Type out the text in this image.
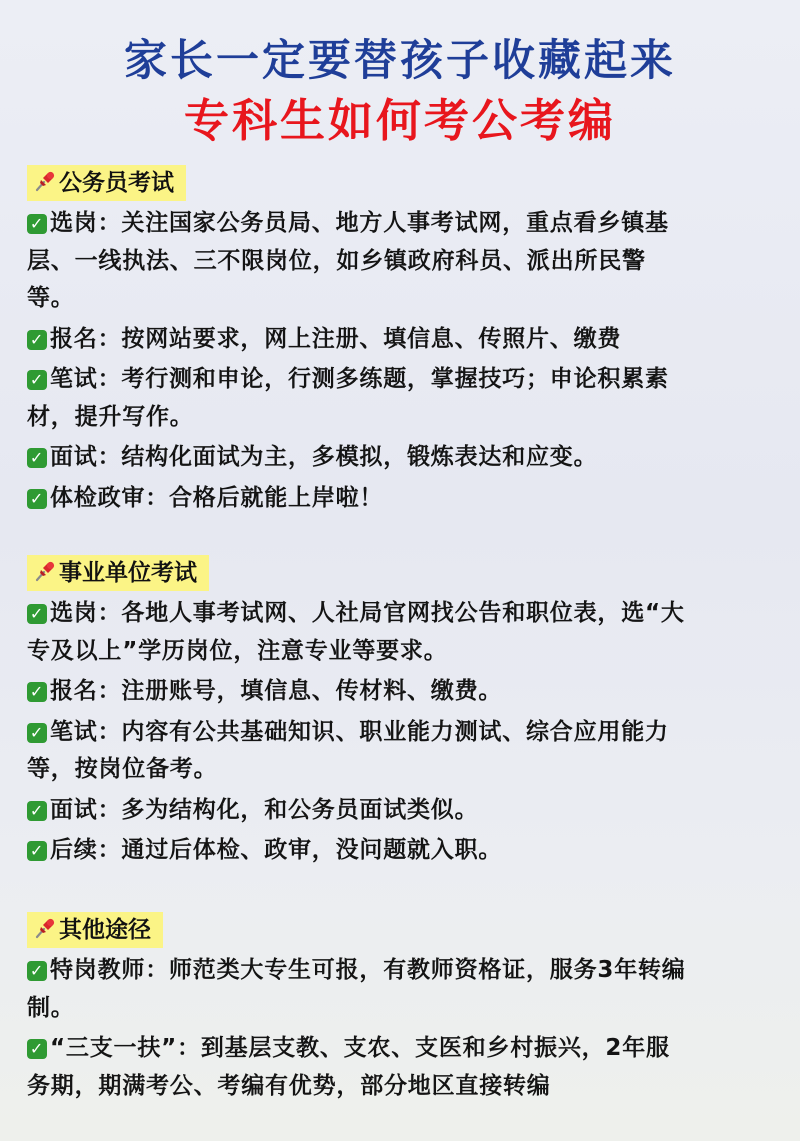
家长一定要替孩子收藏起来
专科生如何考公考编
公务员考试
✓ 选岗：关注国家公务员局、地方人事考试网，重点看乡镇基层、一线执法、三不限岗位，如乡镇政府科员、派出所民警等。
✓ 报名：按网站要求，网上注册、填信息、传照片、缴费
✓ 笔试：考行测和申论，行测多练题，掌握技巧；申论积累素材，提升写作。
✓ 面试：结构化面试为主，多模拟，锻炼表达和应变。
✓ 体检政审：合格后就能上岸啦！
事业单位考试
✓ 选岗：各地人事考试网、人社局官网找公告和职位表，选“大专及以上”学历岗位，注意专业等要求。
✓ 报名：注册账号，填信息、传材料、缴费。
✓ 笔试：内容有公共基础知识、职业能力测试、综合应用能力等，按岗位备考。
✓ 面试：多为结构化，和公务员面试类似。
✓ 后续：通过后体检、政审，没问题就入职。
其他途径
✓ 特岗教师：师范类大专生可报，有教师资格证，服务3年转编制。
✓ “三支一扶”：到基层支教、支农、支医和乡村振兴，2年服务期，期满考公、考编有优势，部分地区直接转编
